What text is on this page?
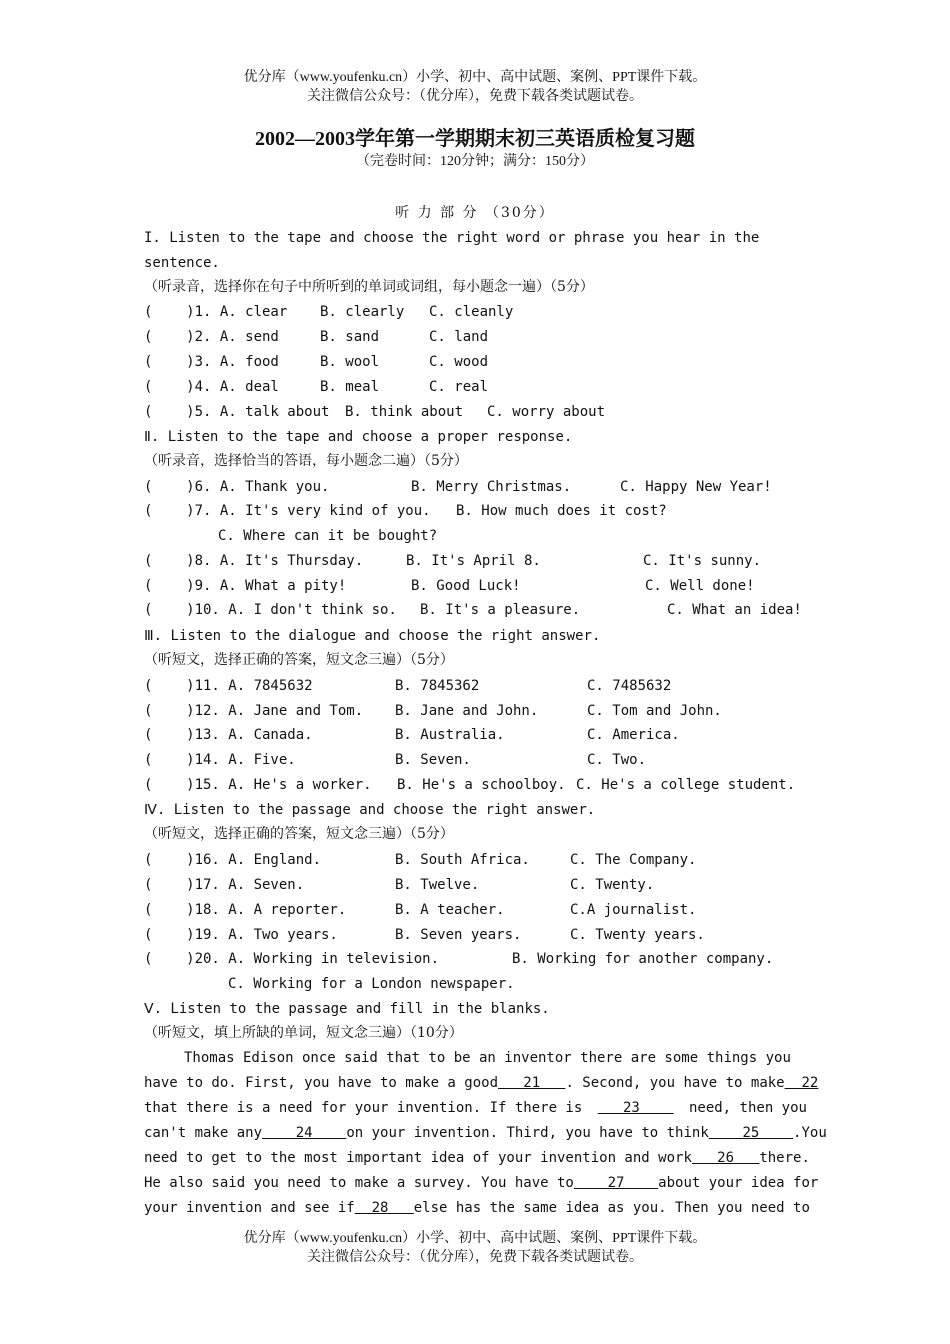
优分库（www.youfenku.cn）小学、初中、高中试题、案例、PPT课件下载。
关注微信公众号：（优分库），免费下载各类试题试卷。
2002—2003学年第一学期期末初三英语质检复习题
（完卷时间：120分钟；满分：150分）
听 力 部 分 （30分）
I. Listen to the tape and choose the right word or phrase you hear in the
sentence.
（听录音，选择你在句子中所听到的单词或词组，每小题念一遍）（5分）
(    )1. A. clear B. clearly C. cleanly
(    )2. A. send	B. sand	C. land
(    )3. A. food	B. wool	C. wood
(    )4. A. deal	B. meal	C. real
(    )5. A. talk about B. think about C. worry about
Ⅱ. Listen to the tape and choose a proper response.
（听录音，选择恰当的答语，每小题念二遍）（5分）
(    )6. A. Thank you.	B. Merry Christmas.	C. Happy New Year!
(    )7. A. It's very kind of you. B. How much does it cost?
C. Where can it be bought?
(    )8. A. It's Thursday.	B. It's April 8.	C. It's sunny.
(    )9. A. What a pity!	B. Good Luck!	C. Well done!
(    )10. A. I don't think so. B. It's a pleasure.	C. What an idea!
Ⅲ. Listen to the dialogue and choose the right answer.
（听短文，选择正确的答案，短文念三遍）（5分）
(    )11. A. 7845632	B. 7845362	C. 7485632
(    )12. A. Jane and Tom. B. Jane and John.	C. Tom and John.
(    )13. A. Canada.	B. Australia.	C. America.
(    )14. A. Five.	B. Seven.	C. Two.
(    )15. A. He's a worker. B. He's a schoolboy. C. He's a college student.
Ⅳ. Listen to the passage and choose the right answer.
（听短文，选择正确的答案，短文念三遍）（5分）
(    )16. A. England.	B. South Africa.	C. The Company.
(    )17. A. Seven.	B. Twelve.	C. Twenty.
(    )18. A. A reporter.	B. A teacher.	C.A journalist.
(    )19. A. Two years.	B. Seven years.	C. Twenty years.
(    )20. A. Working in television.	B. Working for another company.
C. Working for a London newspaper.
Ⅴ. Listen to the passage and fill in the blanks.
（听短文，填上所缺的单词，短文念三遍）（10分）
Thomas Edison once said that to be an inventor there are some things you
have to do. First, you have to make a good 21 . Second, you have to make 22
that there is a need for your invention. If there is 23 need, then you
can't make any 24 on your invention. Third, you have to think 25 .You
need to get to the most important idea of your invention and work 26 there.
He also said you need to make a survey. You have to 27 about your idea for
your invention and see if 28 else has the same idea as you. Then you need to
优分库（www.youfenku.cn）小学、初中、高中试题、案例、PPT课件下载。
关注微信公众号：（优分库），免费下载各类试题试卷。
